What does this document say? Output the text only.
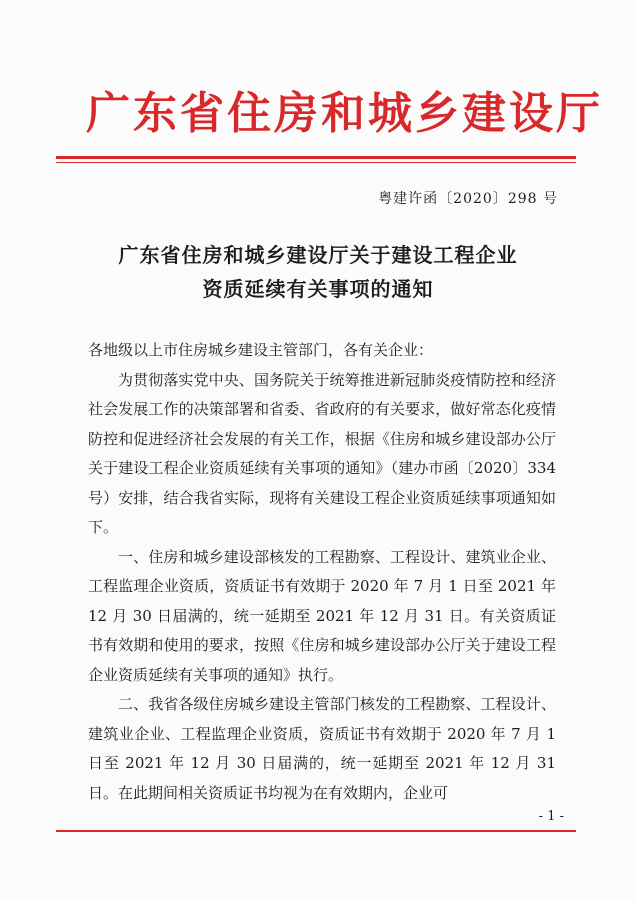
广东省住房和城乡建设厅
粤建许函〔2020〕298 号
广东省住房和城乡建设厅关于建设工程企业
资质延续有关事项的通知

各地级以上市住房城乡建设主管部门，各有关企业：

为贯彻落实党中央、国务院关于统筹推进新冠肺炎疫情防控和经济社会发展工作的决策部署和省委、省政府的有关要求，做好常态化疫情防控和促进经济社会发展的有关工作，根据《住房和城乡建设部办公厅关于建设工程企业资质延续有关事项的通知》（建办市函〔2020〕334 号）安排，结合我省实际，现将有关建设工程企业资质延续事项通知如下。

一、住房和城乡建设部核发的工程勘察、工程设计、建筑业企业、工程监理企业资质，资质证书有效期于 2020 年 7 月 1 日至 2021 年 12 月 30 日届满的，统一延期至 2021 年 12 月 31 日。有关资质证书有效期和使用的要求，按照《住房和城乡建设部办公厅关于建设工程企业资质延续有关事项的通知》执行。

二、我省各级住房城乡建设主管部门核发的工程勘察、工程设计、建筑业企业、工程监理企业资质，资质证书有效期于 2020 年 7 月 1 日至 2021 年 12 月 30 日届满的，统一延期至 2021 年 12 月 31 日。在此期间相关资质证书均视为在有效期内，企业可

- 1 -
